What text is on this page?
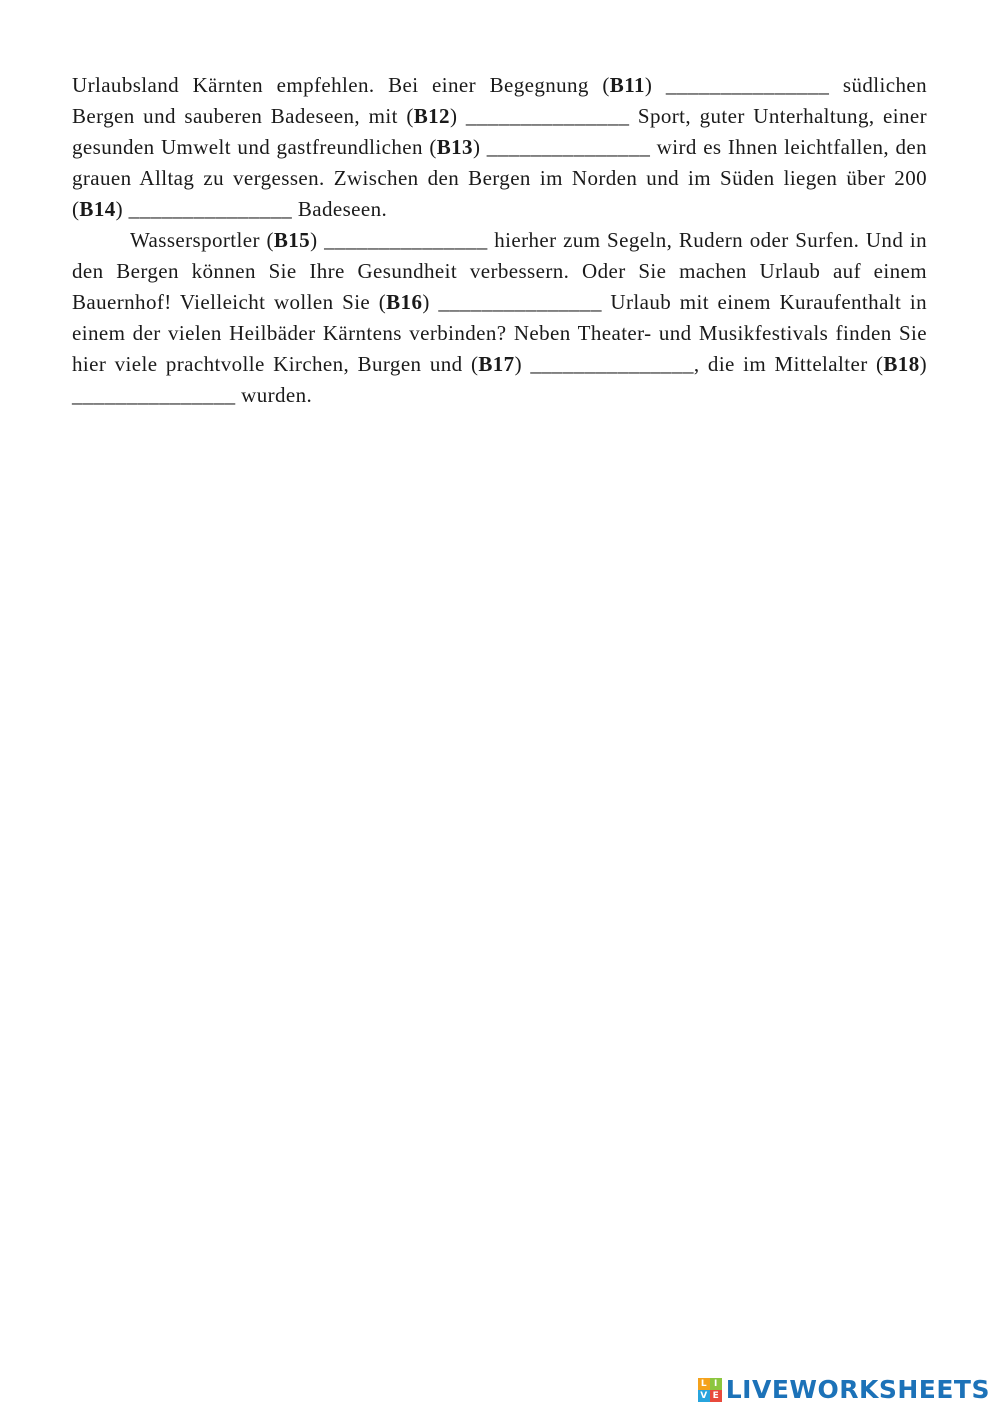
Urlaubsland Kärnten empfehlen. Bei einer Begegnung (B11) _______________ südlichen Bergen und sauberen Badeseen, mit (B12) _______________ Sport, guter Unterhaltung, einer gesunden Umwelt und gastfreundlichen (B13) _______________ wird es Ihnen leichtfallen, den grauen Alltag zu vergessen. Zwischen den Bergen im Norden und im Süden liegen über 200 (B14) _______________ Badeseen.

Wassersportler (B15) _______________ hierher zum Segeln, Rudern oder Surfen. Und in den Bergen können Sie Ihre Gesundheit verbessern. Oder Sie machen Urlaub auf einem Bauernhof! Vielleicht wollen Sie (B16) _______________ Urlaub mit einem Kuraufenthalt in einem der vielen Heilbäder Kärntens verbinden? Neben Theater- und Musikfestivals finden Sie hier viele prachtvolle Kirchen, Burgen und (B17) _______________, die im Mittelalter (B18) _______________ wurden.

L I
V E LIVEWORKSHEETS
